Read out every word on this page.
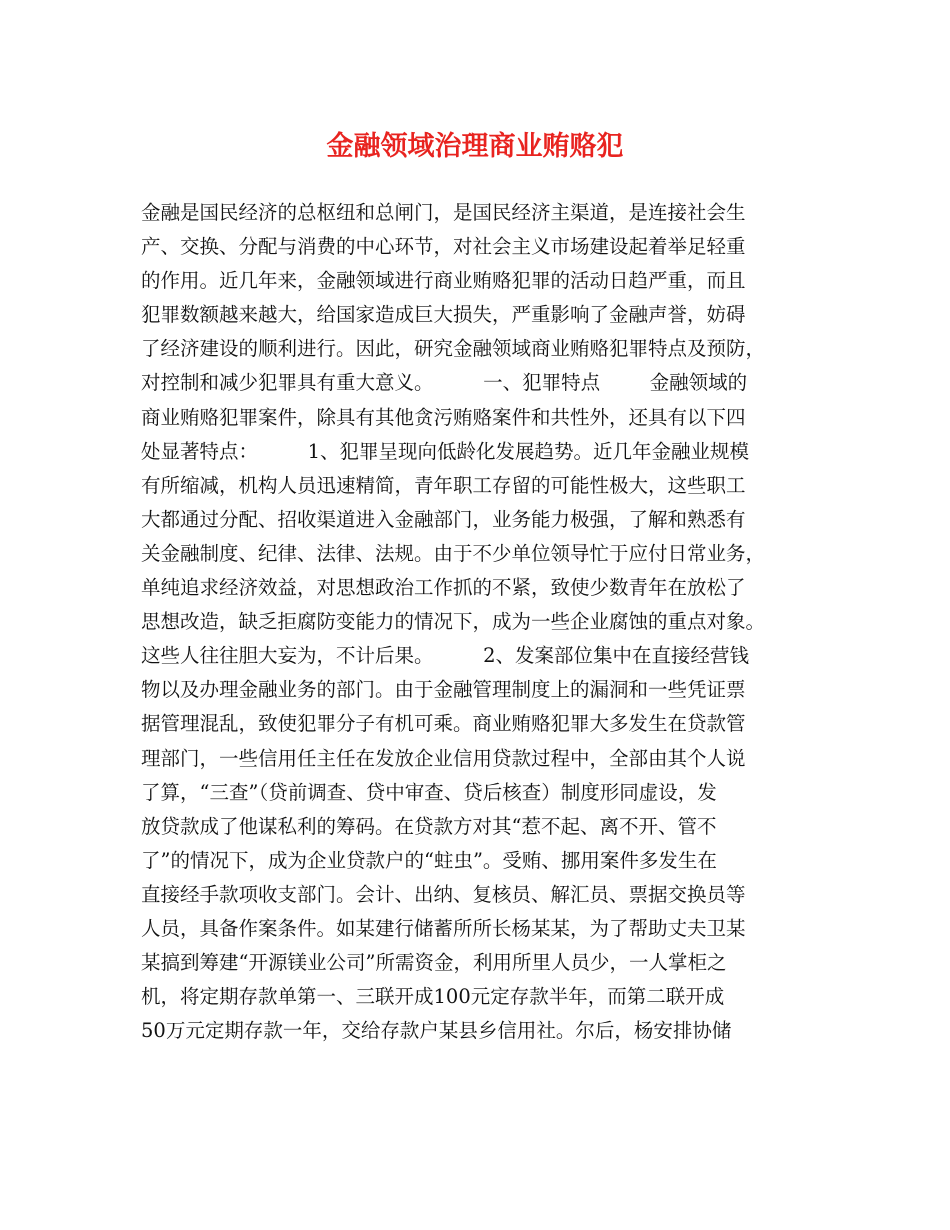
金融领域治理商业贿赂犯
金融是国民经济的总枢纽和总闸门，是国民经济主渠道，是连接社会生
产、交换、分配与消费的中心环节，对社会主义市场建设起着举足轻重
的作用。近几年来，金融领域进行商业贿赂犯罪的活动日趋严重，而且
犯罪数额越来越大，给国家造成巨大损失，严重影响了金融声誉，妨碍
了经济建设的顺利进行。因此，研究金融领域商业贿赂犯罪特点及预防，
对控制和减少犯罪具有重大意义。        一、犯罪特点        金融领域的
商业贿赂犯罪案件，除具有其他贪污贿赂案件和共性外，还具有以下四
处显著特点：        1、犯罪呈现向低龄化发展趋势。近几年金融业规模
有所缩减，机构人员迅速精简，青年职工存留的可能性极大，这些职工
大都通过分配、招收渠道进入金融部门，业务能力极强，了解和熟悉有
关金融制度、纪律、法律、法规。由于不少单位领导忙于应付日常业务，
单纯追求经济效益，对思想政治工作抓的不紧，致使少数青年在放松了
思想改造，缺乏拒腐防变能力的情况下，成为一些企业腐蚀的重点对象。
这些人往往胆大妄为，不计后果。        2、发案部位集中在直接经营钱
物以及办理金融业务的部门。由于金融管理制度上的漏洞和一些凭证票
据管理混乱，致使犯罪分子有机可乘。商业贿赂犯罪大多发生在贷款管
理部门，一些信用任主任在发放企业信用贷款过程中，全部由其个人说
了算，“三查”（贷前调查、贷中审查、贷后核查）制度形同虚设，发
放贷款成了他谋私利的筹码。在贷款方对其“惹不起、离不开、管不
了”的情况下，成为企业贷款户的“蛀虫”。受贿、挪用案件多发生在
直接经手款项收支部门。会计、出纳、复核员、解汇员、票据交换员等
人员，具备作案条件。如某建行储蓄所所长杨某某，为了帮助丈夫卫某
某搞到筹建“开源镁业公司”所需资金，利用所里人员少，一人掌柜之
机，将定期存款单第一、三联开成100元定存款半年，而第二联开成
50万元定期存款一年，交给存款户某县乡信用社。尔后，杨安排协储
